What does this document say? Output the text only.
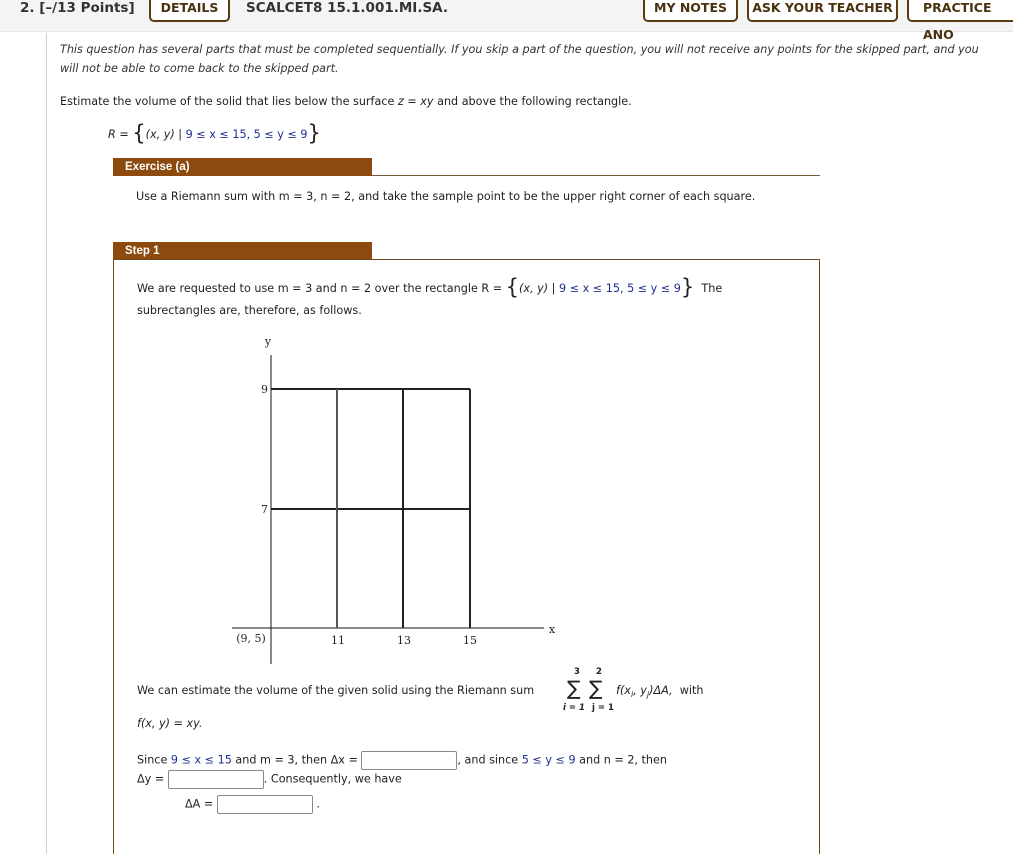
2. [–/13 Points]	DETAILS	SCALCET8 15.1.001.MI.SA.	MY NOTES	ASK YOUR TEACHER	PRACTICE ANO
This question has several parts that must be completed sequentially. If you skip a part of the question, you will not receive any points for the skipped part, and you
will not be able to come back to the skipped part.
Estimate the volume of the solid that lies below the surface z = xy and above the following rectangle.
R = {(x, y) | 9 ≤ x ≤ 15, 5 ≤ y ≤ 9}
Exercise (a)
Use a Riemann sum with m = 3, n = 2, and take the sample point to be the upper right corner of each square.
Step 1
We are requested to use m = 3 and n = 2 over the rectangle R = {(x, y) | 9 ≤ x ≤ 15, 5 ≤ y ≤ 9} The
subrectangles are, therefore, as follows.
y
x
9
7
(9, 5)	11	13	15
We can estimate the volume of the given solid using the Riemann sum
3 2
∑ ∑
i = 1 j = 1
$f(x_i$, $y_j)\Delta A$, with
f(x, y) = xy.
Since 9 ≤ x ≤ 15 and m = 3, then Δx =	, and since 5 ≤ y ≤ 9 and n = 2, then
Δy =	. Consequently, we have
ΔA =	.
